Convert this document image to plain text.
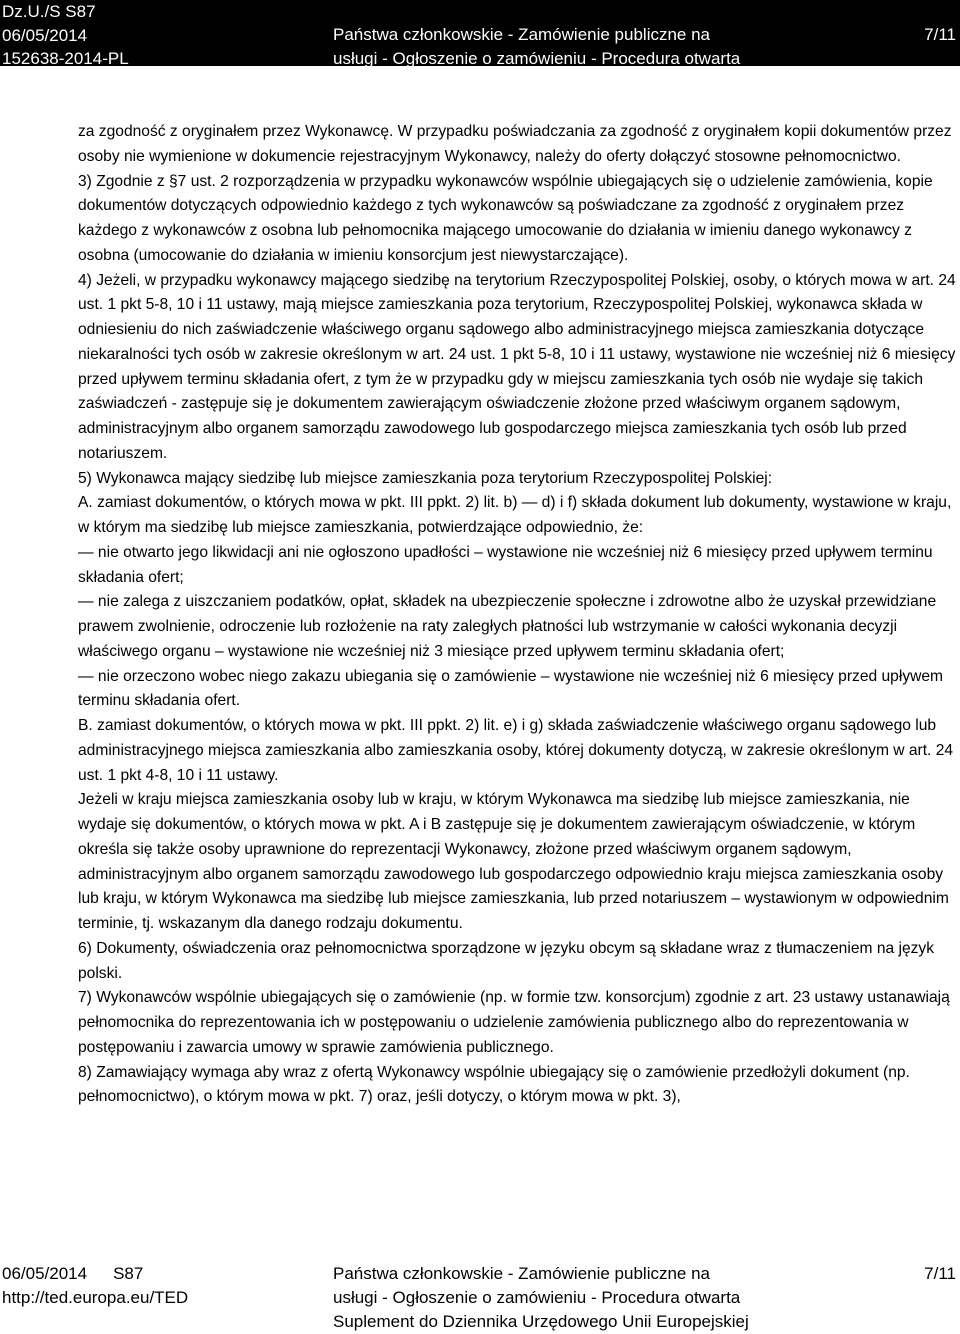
Dz.U./S S87
06/05/2014
152638-2014-PL
Państwa członkowskie - Zamówienie publiczne na
usługi - Ogłoszenie o zamówieniu - Procedura otwarta
7/11

za zgodność z oryginałem przez Wykonawcę. W przypadku poświadczania za zgodność z oryginałem kopii dokumentów przez osoby nie wymienione w dokumencie rejestracyjnym Wykonawcy, należy do oferty dołączyć stosowne pełnomocnictwo.

3) Zgodnie z §7 ust. 2 rozporządzenia w przypadku wykonawców wspólnie ubiegających się o udzielenie zamówienia, kopie dokumentów dotyczących odpowiednio każdego z tych wykonawców są poświadczane za zgodność z oryginałem przez każdego z wykonawców z osobna lub pełnomocnika mającego umocowanie do działania w imieniu danego wykonawcy z osobna (umocowanie do działania w imieniu konsorcjum jest niewystarczające).

4) Jeżeli, w przypadku wykonawcy mającego siedzibę na terytorium Rzeczypospolitej Polskiej, osoby, o których mowa w art. 24 ust. 1 pkt 5-8, 10 i 11 ustawy, mają miejsce zamieszkania poza terytorium, Rzeczypospolitej Polskiej, wykonawca składa w odniesieniu do nich zaświadczenie właściwego organu sądowego albo administracyjnego miejsca zamieszkania dotyczące niekaralności tych osób w zakresie określonym w art. 24 ust. 1 pkt 5-8, 10 i 11 ustawy, wystawione nie wcześniej niż 6 miesięcy przed upływem terminu składania ofert, z tym że w przypadku gdy w miejscu zamieszkania tych osób nie wydaje się takich zaświadczeń - zastępuje się je dokumentem zawierającym oświadczenie złożone przed właściwym organem sądowym, administracyjnym albo organem samorządu zawodowego lub gospodarczego miejsca zamieszkania tych osób lub przed notariuszem.

5) Wykonawca mający siedzibę lub miejsce zamieszkania poza terytorium Rzeczypospolitej Polskiej:

A. zamiast dokumentów, o których mowa w pkt. III ppkt. 2) lit. b) — d) i f) składa dokument lub dokumenty, wystawione w kraju, w którym ma siedzibę lub miejsce zamieszkania, potwierdzające odpowiednio, że:

— nie otwarto jego likwidacji ani nie ogłoszono upadłości – wystawione nie wcześniej niż 6 miesięcy przed upływem terminu składania ofert;

— nie zalega z uiszczaniem podatków, opłat, składek na ubezpieczenie społeczne i zdrowotne albo że uzyskał przewidziane prawem zwolnienie, odroczenie lub rozłożenie na raty zaległych płatności lub wstrzymanie w całości wykonania decyzji właściwego organu – wystawione nie wcześniej niż 3 miesiące przed upływem terminu składania ofert;

— nie orzeczono wobec niego zakazu ubiegania się o zamówienie – wystawione nie wcześniej niż 6 miesięcy przed upływem terminu składania ofert.

B. zamiast dokumentów, o których mowa w pkt. III ppkt. 2) lit. e) i g) składa zaświadczenie właściwego organu sądowego lub administracyjnego miejsca zamieszkania albo zamieszkania osoby, której dokumenty dotyczą, w zakresie określonym w art. 24 ust. 1 pkt 4-8, 10 i 11 ustawy.

Jeżeli w kraju miejsca zamieszkania osoby lub w kraju, w którym Wykonawca ma siedzibę lub miejsce zamieszkania, nie wydaje się dokumentów, o których mowa w pkt. A i B zastępuje się je dokumentem zawierającym oświadczenie, w którym określa się także osoby uprawnione do reprezentacji Wykonawcy, złożone przed właściwym organem sądowym, administracyjnym albo organem samorządu zawodowego lub gospodarczego odpowiednio kraju miejsca zamieszkania osoby lub kraju, w którym Wykonawca ma siedzibę lub miejsce zamieszkania, lub przed notariuszem – wystawionym w odpowiednim terminie, tj. wskazanym dla danego rodzaju dokumentu.

6) Dokumenty, oświadczenia oraz pełnomocnictwa sporządzone w języku obcym są składane wraz z tłumaczeniem na język polski.

7) Wykonawców wspólnie ubiegających się o zamówienie (np. w formie tzw. konsorcjum) zgodnie z art. 23 ustawy ustanawiają pełnomocnika do reprezentowania ich w postępowaniu o udzielenie zamówienia publicznego albo do reprezentowania w postępowaniu i zawarcia umowy w sprawie zamówienia publicznego.

8) Zamawiający wymaga aby wraz z ofertą Wykonawcy wspólnie ubiegający się o zamówienie przedłożyli dokument (np. pełnomocnictwo), o którym mowa w pkt. 7) oraz, jeśli dotyczy, o którym mowa w pkt. 3),

06/05/2014 S87
http://ted.europa.eu/TED
Państwa członkowskie - Zamówienie publiczne na
usługi - Ogłoszenie o zamówieniu - Procedura otwarta
Suplement do Dziennika Urzędowego Unii Europejskiej
7/11
